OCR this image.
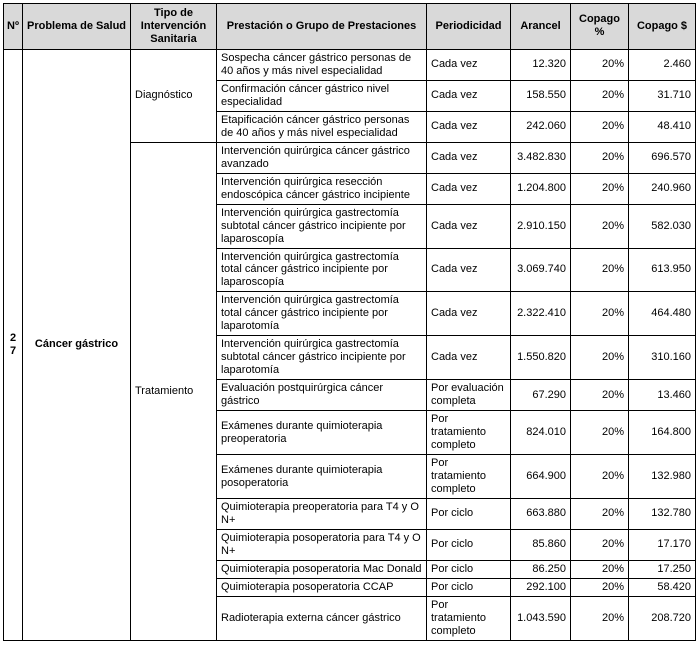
Nº	Problema de Salud	Tipo de Intervención Sanitaria	Prestación o Grupo de Prestaciones	Periodicidad	Arancel	Copago %	Copago $
27	Cáncer gástrico	Diagnóstico	Sospecha cáncer gástrico personas de 40 años y más nivel especialidad	Cada vez	12.320	20%	2.460
			Confirmación cáncer gástrico nivel especialidad	Cada vez	158.550	20%	31.710
			Etapificación cáncer gástrico personas de 40 años y más nivel especialidad	Cada vez	242.060	20%	48.410
		Tratamiento	Intervención quirúrgica cáncer gástrico avanzado	Cada vez	3.482.830	20%	696.570
			Intervención quirúrgica resección endoscópica cáncer gástrico incipiente	Cada vez	1.204.800	20%	240.960
			Intervención quirúrgica gastrectomía subtotal cáncer gástrico incipiente por laparoscopía	Cada vez	2.910.150	20%	582.030
			Intervención quirúrgica gastrectomía total cáncer gástrico incipiente por laparoscopía	Cada vez	3.069.740	20%	613.950
			Intervención quirúrgica gastrectomía total cáncer gástrico incipiente por laparotomía	Cada vez	2.322.410	20%	464.480
			Intervención quirúrgica gastrectomía subtotal cáncer gástrico incipiente por laparotomía	Cada vez	1.550.820	20%	310.160
			Evaluación postquirúrgica cáncer gástrico	Por evaluación completa	67.290	20%	13.460
			Exámenes durante quimioterapia preoperatoria	Por tratamiento completo	824.010	20%	164.800
			Exámenes durante quimioterapia posoperatoria	Por tratamiento completo	664.900	20%	132.980
			Quimioterapia preoperatoria para T4 y O N+	Por ciclo	663.880	20%	132.780
			Quimioterapia posoperatoria para T4 y O N+	Por ciclo	85.860	20%	17.170
			Quimioterapia posoperatoria Mac Donald	Por ciclo	86.250	20%	17.250
			Quimioterapia posoperatoria CCAP	Por ciclo	292.100	20%	58.420
			Radioterapia externa cáncer gástrico	Por tratamiento completo	1.043.590	20%	208.720
